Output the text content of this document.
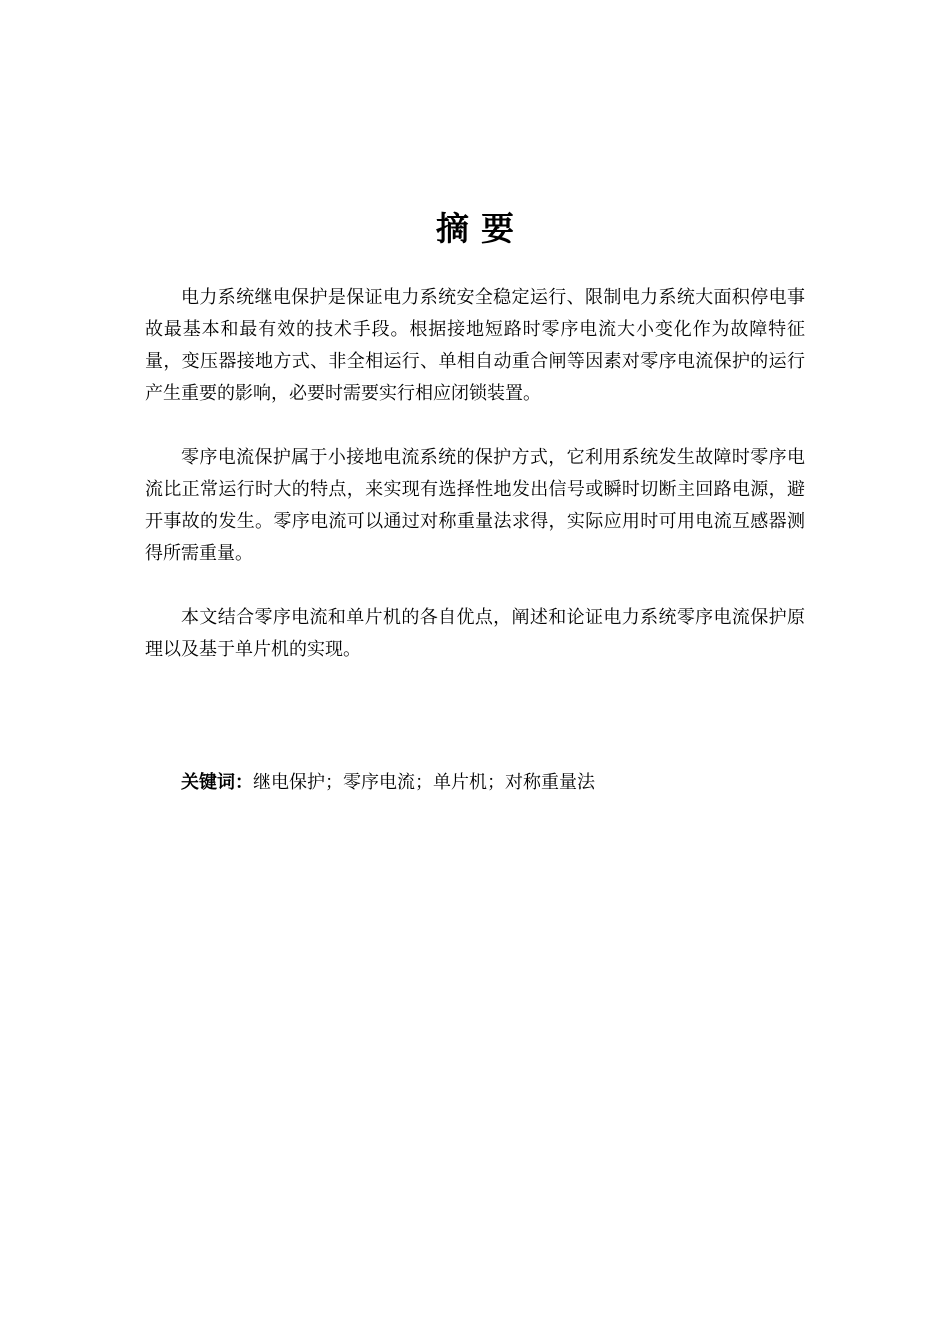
摘要

电力系统继电保护是保证电力系统安全稳定运行、限制电力系统大面积停电事故最基本和最有效的技术手段。根据接地短路时零序电流大小变化作为故障特征量，变压器接地方式、非全相运行、单相自动重合闸等因素对零序电流保护的运行产生重要的影响，必要时需要实行相应闭锁装置。

零序电流保护属于小接地电流系统的保护方式，它利用系统发生故障时零序电流比正常运行时大的特点，来实现有选择性地发出信号或瞬时切断主回路电源，避开事故的发生。零序电流可以通过对称重量法求得，实际应用时可用电流互感器测得所需重量。

本文结合零序电流和单片机的各自优点，阐述和论证电力系统零序电流保护原理以及基于单片机的实现。

关键词：继电保护；零序电流；单片机；对称重量法
